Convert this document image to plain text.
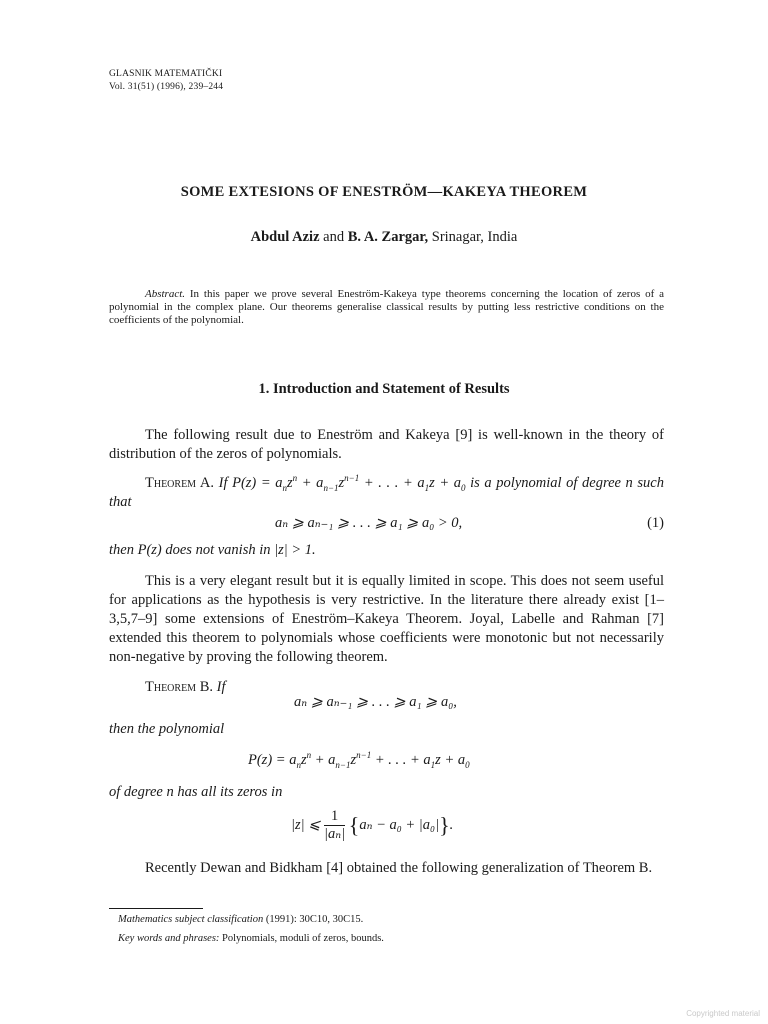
GLASNIK MATEMATIČKI
Vol. 31(51) (1996), 239–244
SOME EXTESIONS OF ENESTRÖM—KAKEYA THEOREM
Abdul Aziz and B. A. Zargar, Srinagar, India
Abstract. In this paper we prove several Eneström-Kakeya type theorems concerning the location of zeros of a polynomial in the complex plane. Our theorems generalise classical results by putting less restrictive conditions on the coefficients of the polynomial.
1. Introduction and Statement of Results
The following result due to Eneström and Kakeya [9] is well-known in the theory of distribution of the zeros of polynomials.
Theorem A. If $P(z) = a_nz^n + a_{n-1}z^{n-1}$ + . . . + $a_1z + a_0$ is a polynomial of degree n such that
aₙ ⩾ aₙ₋₁ ⩾ . . . ⩾ a₁ ⩾ a₀ > 0,	(1)
then P(z) does not vanish in |z| > 1.
This is a very elegant result but it is equally limited in scope. This does not seem useful for applications as the hypothesis is very restrictive. In the literature there already exist [1–3,5,7–9] some extensions of Eneström–Kakeya Theorem. Joyal, Labelle and Rahman [7] extended this theorem to polynomials whose coefficients were monotonic but not necessarily non-negative by proving the following theorem.
Theorem B. If
aₙ ⩾ aₙ₋₁ ⩾ . . . ⩾ a₁ ⩾ a₀,
then the polynomial
$P(z) = a_nz^n + a_{n-1}z^{n-1}$ + . . . + $a_1z + a_0$
of degree n has all its zeros in
|z| ⩽ $\frac{1}{\text{|aₙ|}} \{a_n - a_0 + |a_0|\}$.
Recently Dewan and Bidkham [4] obtained the following generalization of Theorem B.
Mathematics subject classification (1991): 30C10, 30C15.
Key words and phrases: Polynomials, moduli of zeros, bounds.
Copyrighted material
